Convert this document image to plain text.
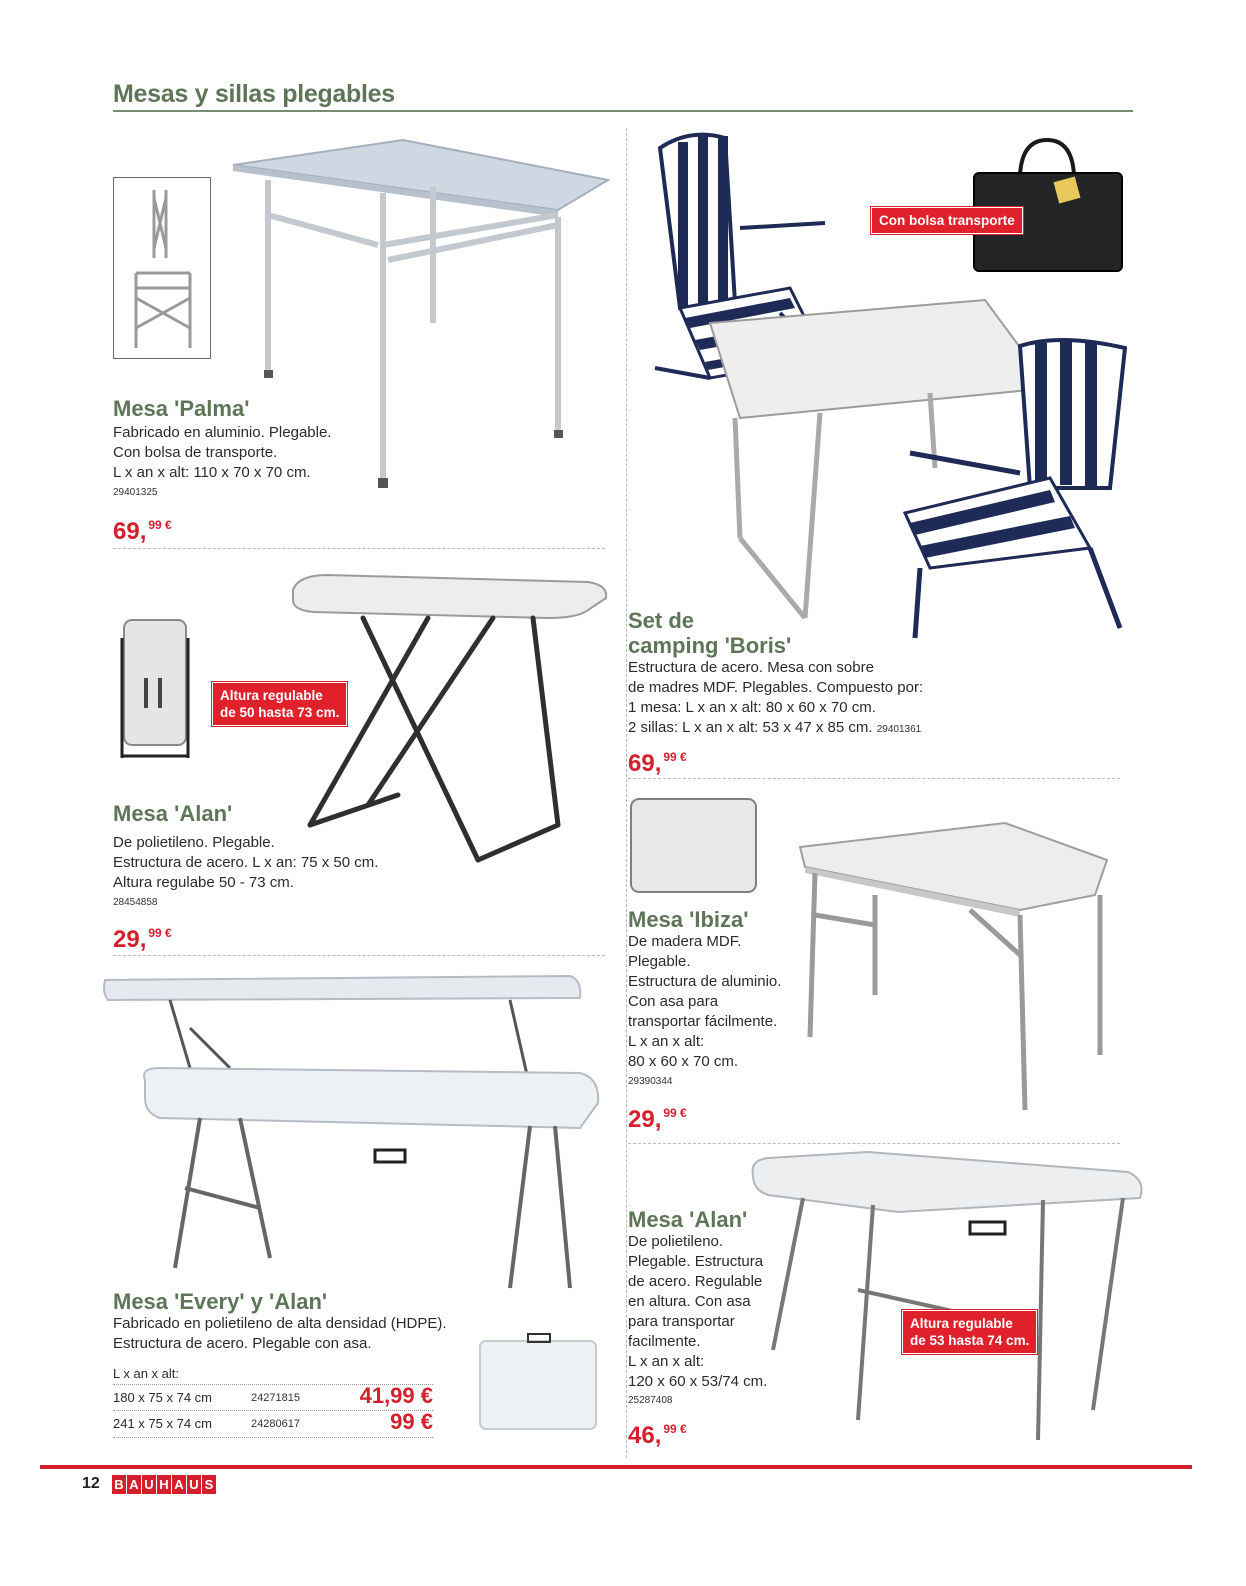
Mesas y sillas plegables
Mesa 'Palma'
Fabricado en aluminio. Plegable.
Con bolsa de transporte.
L x an x alt: 110 x 70 x 70 cm.
29401325
69, $^{99 €}$
Altura regulable
de 50 hasta 73 cm.
Mesa 'Alan'
De polietileno. Plegable.
Estructura de acero. L x an: 75 x 50 cm.
Altura regulabe 50 - 73 cm.
28454858
29, $^{99 €}$
Mesa 'Every' y 'Alan'
Fabricado en polietileno de alta densidad (HDPE).
Estructura de acero. Plegable con asa.
L x an x alt:
180 x 75 x 74 cm	24271815	41,99 €
241 x 75 x 74 cm	24280617	99 €
Con bolsa transporte
Set de
camping 'Boris'
Estructura de acero. Mesa con sobre
de madres MDF. Plegables. Compuesto por:
1 mesa: L x an x alt: 80 x 60 x 70 cm.
2 sillas: L x an x alt: 53 x 47 x 85 cm. 29401361
69, $^{99 €}$
Mesa 'Ibiza'
De madera MDF.
Plegable.
Estructura de aluminio.
Con asa para
transportar fácilmente.
L x an x alt:
80 x 60 x 70 cm.
29390344
29, $^{99 €}$
Altura regulable
de 53 hasta 74 cm.
Mesa 'Alan'
De polietileno.
Plegable. Estructura
de acero. Regulable
en altura. Con asa
para transportar
facilmente.
L x an x alt:
120 x 60 x 53/74 cm.
25287408
46, $^{99 €}$
12 B A U H A U S
